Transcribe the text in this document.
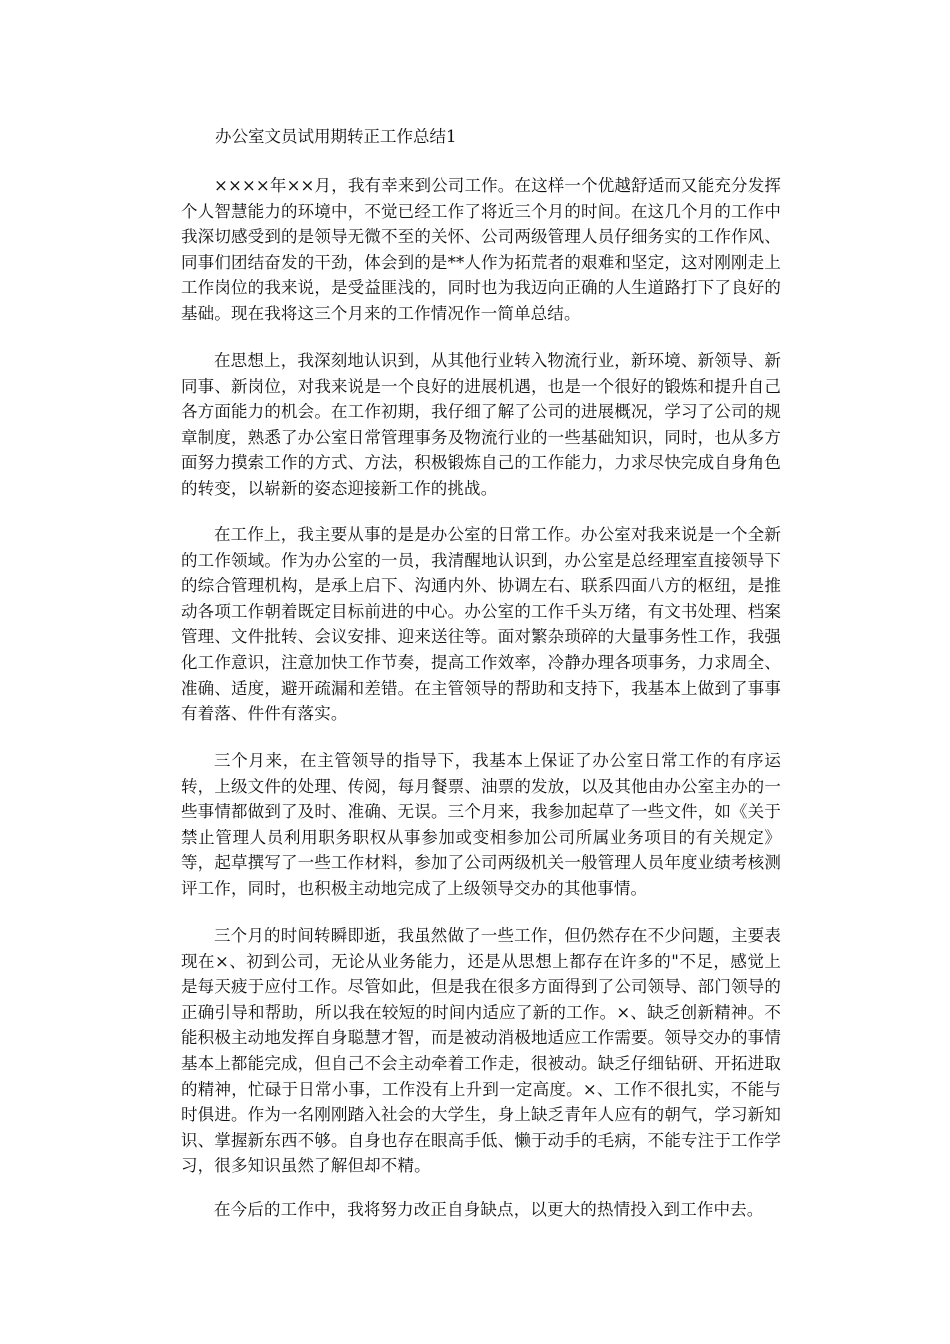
办公室文员试用期转正工作总结1

××××年××月，我有幸来到公司工作。在这样一个优越舒适而又能充分发挥个人智慧能力的环境中，不觉已经工作了将近三个月的时间。在这几个月的工作中我深切感受到的是领导无微不至的关怀、公司两级管理人员仔细务实的工作作风、同事们团结奋发的干劲，体会到的是**人作为拓荒者的艰难和坚定，这对刚刚走上工作岗位的我来说，是受益匪浅的，同时也为我迈向正确的人生道路打下了良好的基础。现在我将这三个月来的工作情况作一简单总结。

在思想上，我深刻地认识到，从其他行业转入物流行业，新环境、新领导、新同事、新岗位，对我来说是一个良好的进展机遇，也是一个很好的锻炼和提升自己各方面能力的机会。在工作初期，我仔细了解了公司的进展概况，学习了公司的规章制度，熟悉了办公室日常管理事务及物流行业的一些基础知识，同时，也从多方面努力摸索工作的方式、方法，积极锻炼自己的工作能力，力求尽快完成自身角色的转变，以崭新的姿态迎接新工作的挑战。

在工作上，我主要从事的是是办公室的日常工作。办公室对我来说是一个全新的工作领域。作为办公室的一员，我清醒地认识到，办公室是总经理室直接领导下的综合管理机构，是承上启下、沟通内外、协调左右、联系四面八方的枢纽，是推动各项工作朝着既定目标前进的中心。办公室的工作千头万绪，有文书处理、档案管理、文件批转、会议安排、迎来送往等。面对繁杂琐碎的大量事务性工作，我强化工作意识，注意加快工作节奏，提高工作效率，冷静办理各项事务，力求周全、准确、适度，避开疏漏和差错。在主管领导的帮助和支持下，我基本上做到了事事有着落、件件有落实。

三个月来，在主管领导的指导下，我基本上保证了办公室日常工作的有序运转，上级文件的处理、传阅，每月餐票、油票的发放，以及其他由办公室主办的一些事情都做到了及时、准确、无误。三个月来，我参加起草了一些文件，如《关于禁止管理人员利用职务职权从事参加或变相参加公司所属业务项目的有关规定》等，起草撰写了一些工作材料，参加了公司两级机关一般管理人员年度业绩考核测评工作，同时，也积极主动地完成了上级领导交办的其他事情。

三个月的时间转瞬即逝，我虽然做了一些工作，但仍然存在不少问题，主要表现在×、初到公司，无论从业务能力，还是从思想上都存在许多的"不足，感觉上是每天疲于应付工作。尽管如此，但是我在很多方面得到了公司领导、部门领导的正确引导和帮助，所以我在较短的时间内适应了新的工作。×、缺乏创新精神。不能积极主动地发挥自身聪慧才智，而是被动消极地适应工作需要。领导交办的事情基本上都能完成，但自己不会主动牵着工作走，很被动。缺乏仔细钻研、开拓进取的精神，忙碌于日常小事，工作没有上升到一定高度。×、工作不很扎实，不能与时俱进。作为一名刚刚踏入社会的大学生，身上缺乏青年人应有的朝气，学习新知识、掌握新东西不够。自身也存在眼高手低、懒于动手的毛病，不能专注于工作学习，很多知识虽然了解但却不精。

在今后的工作中，我将努力改正自身缺点，以更大的热情投入到工作中去。
